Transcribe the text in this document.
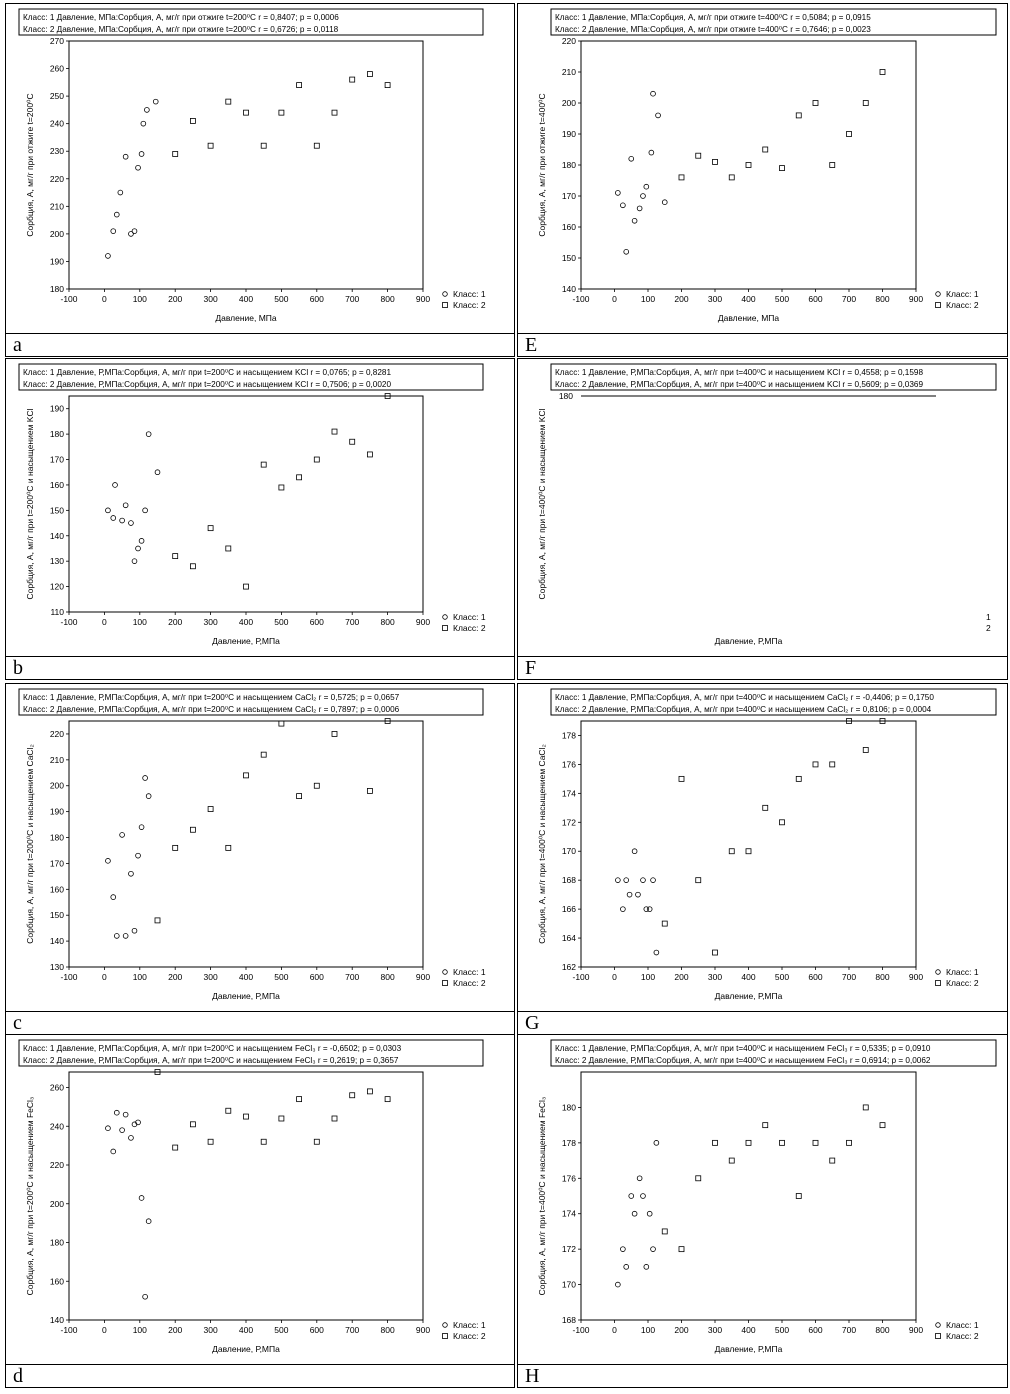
a
Класс: 1 Давление, МПа:Сорбция, А, мг/г при отжиге t=200⁰C r = 0,8407; p = 0,0006
Класс: 2 Давление, МПа:Сорбция, А, мг/г при отжиге t=200⁰C r = 0,6726; p = 0,0118
Сорбция, А, мг/г при отжиге t=200⁰C
Давление, МПа
Класс: 1
Класс: 2
-100	0	100 200 300 400 500 600 700 800 900
180
190
200
210
220
230
240
250
260
270
E
Класс: 1 Давление, МПа:Сорбция, А, мг/г при отжиге t=400⁰C r = 0,5084; p = 0,0915
Класс: 2 Давление, МПа:Сорбция, А, мг/г при отжиге t=400⁰C r = 0,7646; p = 0,0023
Сорбция, А, мг/г при отжиге t=400⁰C
Давление, МПа
Класс: 1
Класс: 2
-100	0	100 200 300 400 500 600 700 800 900
140
150
160
170
180
190
200
210
220
b
Класс: 1 Давление, Р,МПа:Сорбция, А, мг/г при t=200⁰C и насыщением KCl r = 0,0765; p = 0,8281
Класс: 2 Давление, Р,МПа:Сорбция, А, мг/г при t=200⁰C и насыщением KCl r = 0,7506; p = 0,0020
Сорбция, А, мг/г при t=200⁰C и насыщением KCl
Давление, Р,МПа
Класс: 1
Класс: 2
-100	0	100 200 300 400 500 600 700 800 900
110
120
130
140
150
160
170
180
190
F
Класс: 1 Давление, Р,МПа:Сорбция, А, мг/г при t=400⁰C и насыщением KCl r = 0,4558; p = 0,1598
Класс: 2 Давление, Р,МПа:Сорбция, А, мг/г при t=400⁰C и насыщением KCl r = 0,5609; p = 0,0369
Сорбция, А, мг/г при t=400⁰C и насыщением KCl
Давление, Р,МПа
1
2
180
c
Класс: 1 Давление, Р,МПа:Сорбция, А, мг/г при t=200⁰C и насыщением CaCl₂ r = 0,5725; p = 0,0657
Класс: 2 Давление, Р,МПа:Сорбция, А, мг/г при t=200⁰C и насыщением CaCl₂ r = 0,7897; p = 0,0006
Сорбция, А, мг/г при t=200⁰C и насыщением CaCl₂
Давление, Р,МПа
Класс: 1
Класс: 2
-100	0	100 200 300 400 500 600 700 800 900
130
140
150
160
170
180
190
200
210
220
G
Класс: 1 Давление, Р,МПа:Сорбция, А, мг/г при t=400⁰C и насыщением CaCl₂ r = -0,4406; p = 0,1750
Класс: 2 Давление, Р,МПа:Сорбция, А, мг/г при t=400⁰C и насыщением CaCl₂ r = 0,8106; p = 0,0004
Сорбция, А, мг/г при t=400⁰C и насыщением CaCl₂
Давление, Р,МПа
Класс: 1
Класс: 2
-100	0	100 200 300 400 500 600 700 800 900
162
164
166
168
170
172
174
176
178
d
Класс: 1 Давление, Р,МПа:Сорбция, А, мг/г при t=200⁰C и насыщением FeCl₃ r = -0,6502; p = 0,0303
Класс: 2 Давление, Р,МПа:Сорбция, А, мг/г при t=200⁰C и насыщением FeCl₃ r = 0,2619; p = 0,3657
Сорбция, А, мг/г при t=200⁰C и насыщением FeCl₃
Давление, Р,МПа
Класс: 1
Класс: 2
-100	0	100 200 300 400 500 600 700 800 900
140
160
180
200
220
240
260
H
Класс: 1 Давление, Р,МПа:Сорбция, А, мг/г при t=400⁰C и насыщением FeCl₃ r = 0,5335; p = 0,0910
Класс: 2 Давление, Р,МПа:Сорбция, А, мг/г при t=400⁰C и насыщением FeCl₃ r = 0,6914; p = 0,0062
Сорбция, А, мг/г при t=400⁰C и насыщением FeCl₃
Давление, Р,МПа
Класс: 1
Класс: 2
-100	0	100 200 300 400 500 600 700 800 900
168
170
172
174
176
178
180
